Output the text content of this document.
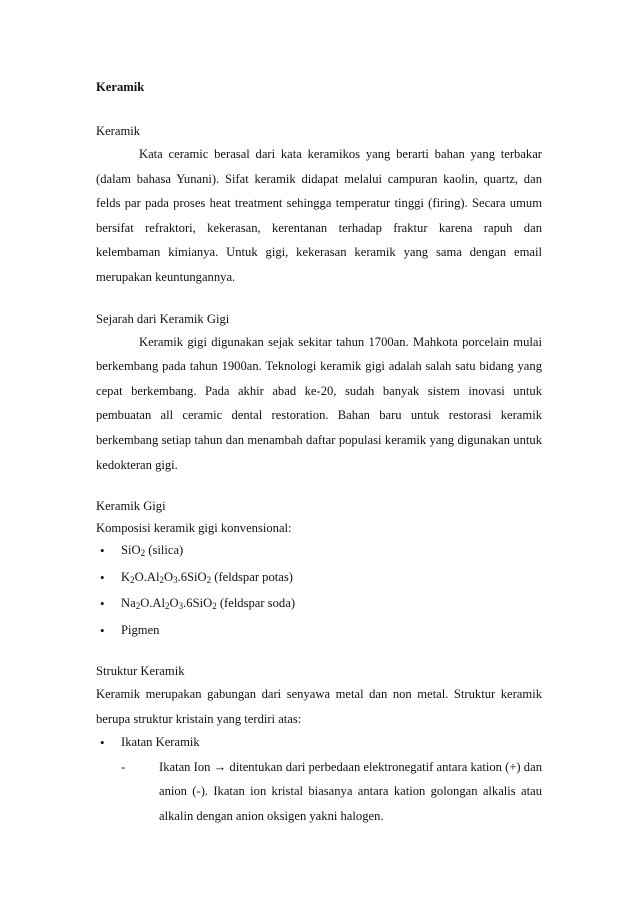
Keramik

Keramik

Kata ceramic berasal dari kata keramikos yang berarti bahan yang terbakar (dalam bahasa Yunani). Sifat keramik didapat melalui campuran kaolin, quartz, dan felds par pada proses heat treatment sehingga temperatur tinggi (firing). Secara umum bersifat refraktori, kekerasan, kerentanan terhadap fraktur karena rapuh dan kelembaman kimianya. Untuk gigi, kekerasan keramik yang sama dengan email merupakan keuntungannya.

Sejarah dari Keramik Gigi

Keramik gigi digunakan sejak sekitar tahun 1700an. Mahkota porcelain mulai berkembang pada tahun 1900an. Teknologi keramik gigi adalah salah satu bidang yang cepat berkembang. Pada akhir abad ke-20, sudah banyak sistem inovasi untuk pembuatan all ceramic dental restoration. Bahan baru untuk restorasi keramik berkembang setiap tahun dan menambah daftar populasi keramik yang digunakan untuk kedokteran gigi.

Keramik Gigi

Komposisi keramik gigi konvensional:

• SiO$_2$ (silica)
• $K_2O.Al_2O_3.6SiO_2$ (feldspar potas)
• $Na_2O.Al_2O_3.6SiO_2$ (feldspar soda)
• Pigmen

Struktur Keramik

Keramik merupakan gabungan dari senyawa metal dan non metal. Struktur keramik berupa struktur kristain yang terdiri atas:

• Ikatan Keramik
- Ikatan Ion → ditentukan dari perbedaan elektronegatif antara kation (+) dan anion (-). Ikatan ion kristal biasanya antara kation golongan alkalis atau alkalin dengan anion oksigen yakni halogen.
